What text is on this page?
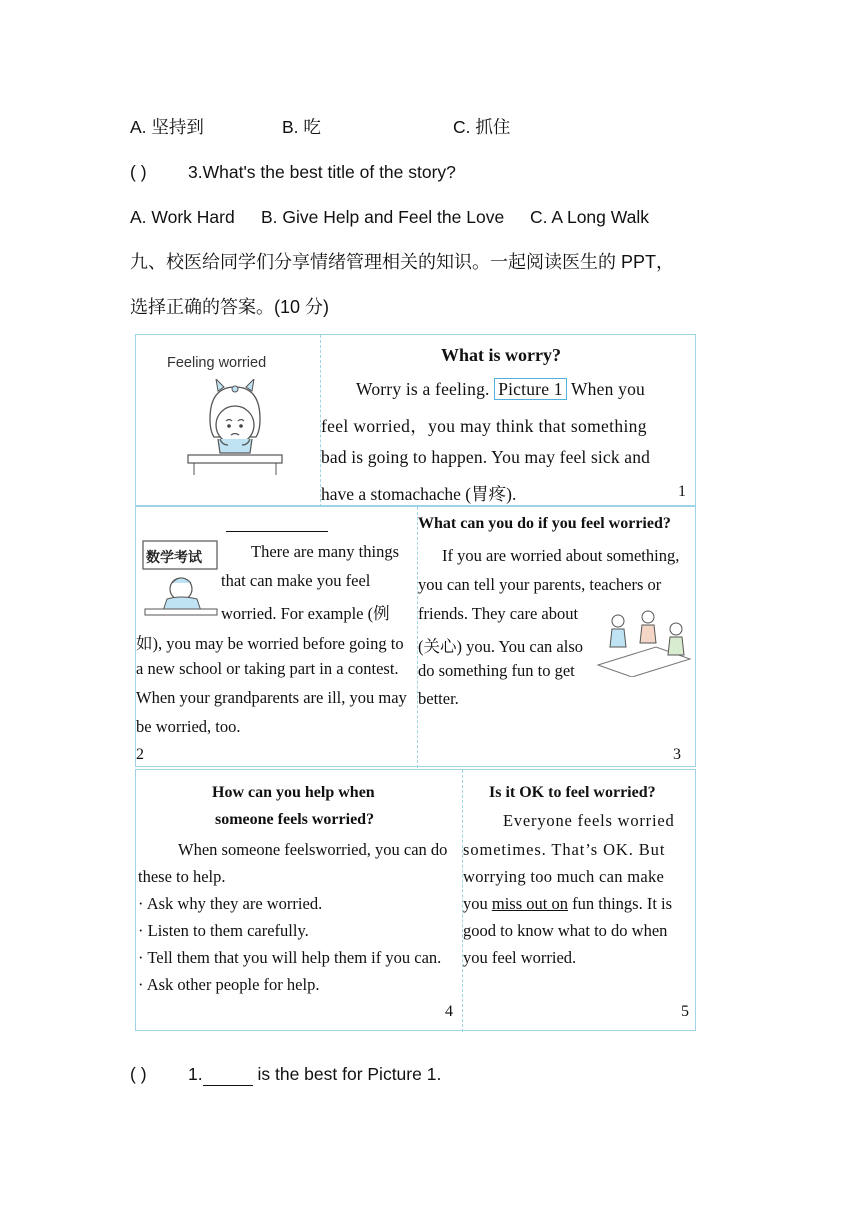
A. 坚持到	B. 吃	C. 抓住
( ) 3.What's the best title of the story?
A. Work Hard B. Give Help and Feel the Love C. A Long Walk
九、校医给同学们分享情绪管理相关的知识。一起阅读医生的 PPT，
选择正确的答案。(10 分)
Feeling worried	What is worry?
Worry is a feeling. Picture 1 When you
feel worried，you may think that something
bad is going to happen. You may feel sick and
have a stomachache (胃疼).	1
数学考试	There are many things
that can make you feel
worried. For example (例
如), you may be worried before going to
a new school or taking part in a contest.
When your grandparents are ill, you may
be worried, too.
2
What can you do if you feel worried?
If you are worried about something,
you can tell your parents, teachers or
friends. They care about
(关心) you. You can also
do something fun to get
better.
3
How can you help when
someone feels worried?
When someone feelsworried, you can do
these to help.
· Ask why they are worried.
· Listen to them carefully.
· Tell them that you will help them if you can.
· Ask other people for help.
4
Is it OK to feel worried?
Everyone feels worried
sometimes. That’s OK. But
worrying too much can make
you miss out on fun things. It is
good to know what to do when
you feel worried.
5
( ) 1.	is the best for Picture 1.
